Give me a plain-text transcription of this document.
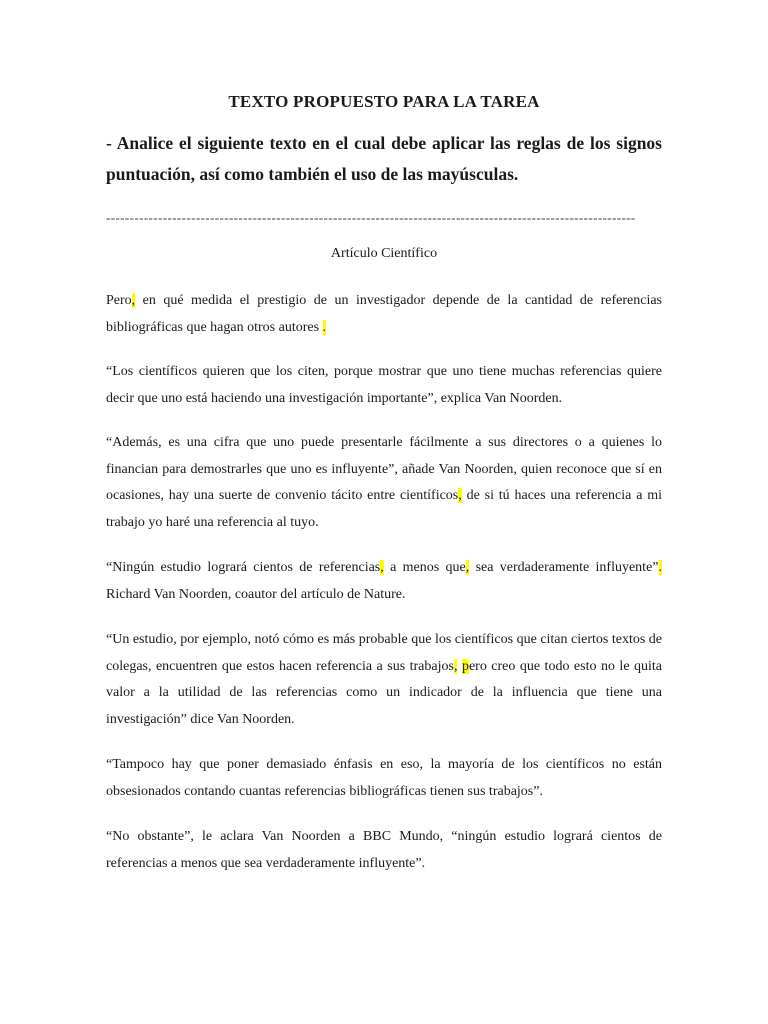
TEXTO PROPUESTO PARA LA TAREA
- Analice el siguiente texto en el cual debe aplicar las reglas de los signos puntuación, así como también el uso de las mayúsculas.
----------------------------------------------------------------------------------------------------------------
Artículo Científico
Pero, en qué medida el prestigio de un investigador depende de la cantidad de referencias bibliográficas que hagan otros autores .
“Los científicos quieren que los citen, porque mostrar que uno tiene muchas referencias quiere decir que uno está haciendo una investigación importante”, explica Van Noorden.
“Además, es una cifra que uno puede presentarle fácilmente a sus directores o a quienes lo financian para demostrarles que uno es influyente”, añade Van Noorden, quien reconoce que sí en ocasiones, hay una suerte de convenio tácito entre científicos, de si tú haces una referencia a mi trabajo yo haré una referencia al tuyo.
“Ningún estudio logrará cientos de referencias, a menos que, sea verdaderamente influyente”. Richard Van Noorden, coautor del artículo de Nature.
“Un estudio, por ejemplo, notó cómo es más probable que los científicos que citan ciertos textos de colegas, encuentren que estos hacen referencia a sus trabajos, pero creo que todo esto no le quita valor a la utilidad de las referencias como un indicador de la influencia que tiene una investigación” dice Van Noorden.
“Tampoco hay que poner demasiado énfasis en eso, la mayoría de los científicos no están obsesionados contando cuantas referencias bibliográficas tienen sus trabajos”.
“No obstante”, le aclara Van Noorden a BBC Mundo, “ningún estudio logrará cientos de referencias a menos que sea verdaderamente influyente”.
